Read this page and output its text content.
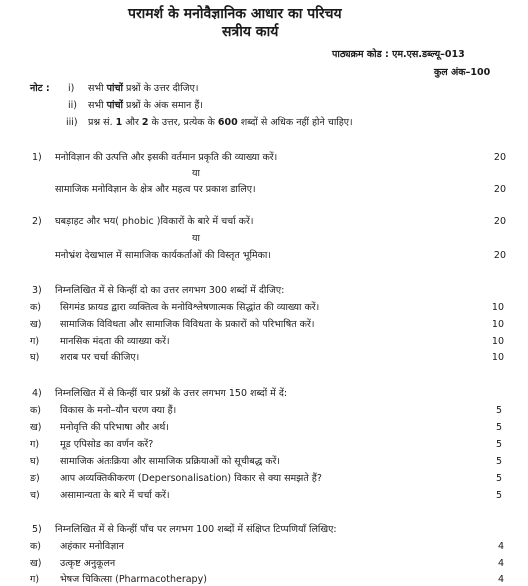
परामर्श के मनोवैज्ञानिक आधार का परिचय
सत्रीय कार्य
पाठ्यक्रम कोड : एम.एस.डब्ल्यू–013
कुल अंक–100
नोट : i) सभी पांचों प्रश्नों के उत्तर दीजिए।
ii) सभी पांचों प्रश्नों के अंक समान हैं।
iii) प्रश्न सं. 1 और 2 के उत्तर, प्रत्येक के 600 शब्दों से अधिक नहीं होने चाहिए।
1) मनोविज्ञान की उत्पत्ति और इसकी वर्तमान प्रकृति की व्याख्या करें।	20
या
सामाजिक मनोविज्ञान के क्षेत्र और महत्व पर प्रकाश डालिए।	20
2) घबड़ाहट और भय( phobic )विकारों के बारे में चर्चा करें।	20
या
मनोभ्रंश देखभाल में सामाजिक कार्यकर्ताओं की विस्तृत भूमिका।	20
3) निम्नलिखित में से किन्हीं दो का उत्तर लगभग 300 शब्दों में दीजिए:
क) सिगमंड फ्रायड द्वारा व्यक्तित्व के मनोविश्लेषणात्मक सिद्धांत की व्याख्या करें।	10
ख) सामाजिक विविधता और सामाजिक विविधता के प्रकारों को परिभाषित करें।	10
ग) मानसिक मंदता की व्याख्या करें।	10
घ) शराब पर चर्चा कीजिए।	10
4) निम्नलिखित में से किन्हीं चार प्रश्नों के उत्तर लगभग 150 शब्दों में दें:
क) विकास के मनो–यौन चरण क्या हैं।	5
ख) मनोवृत्ति की परिभाषा और अर्थ।	5
ग) मूड एपिसोड का वर्णन करें?	5
घ) सामाजिक अंतःक्रिया और सामाजिक प्रक्रियाओं को सूचीबद्ध करें।	5
ङ) आप अव्यक्तिकीकरण (Depersonalisation) विकार से क्या समझते हैं?	5
च) असामान्यता के बारे में चर्चा करें।	5
5) निम्नलिखित में से किन्हीं पाँच पर लगभग 100 शब्दों में संक्षिप्त टिप्पणियाँ लिखिए:
क) अहंकार मनोविज्ञान	4
ख) उत्कृष्ट अनुकूलन	4
ग) भेषज चिकित्सा (Pharmacotherapy)	4
